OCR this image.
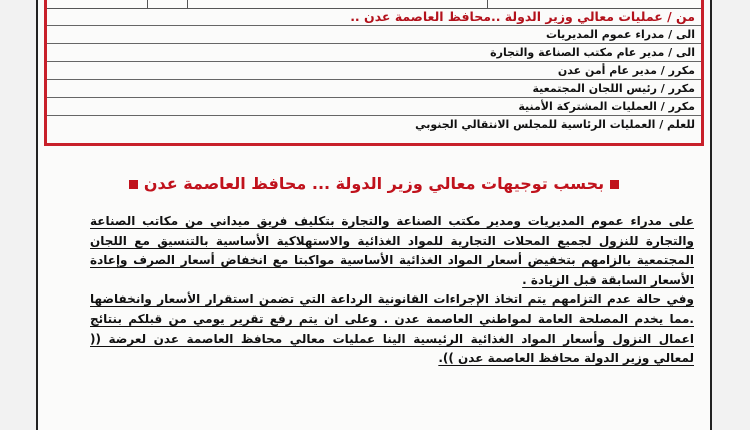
من / عمليات معالي وزير الدولة ..محافظ العاصمة عدن ..
الى / مدراء عموم المديريات
الى / مدير عام مكتب الصناعة والتجارة
مكرر / مدير عام أمن عدن
مكرر / رئيس اللجان المجتمعية
مكرر / العمليات المشتركة الأمنية
للعلم / العمليات الرئاسية للمجلس الانتقالي الجنوبي
بحسب توجيهات معالي وزير الدولة ... محافظ العاصمة عدن

على مدراء عموم المديريات ومدير مكتب الصناعة والتجارة بتكليف فريق ميداني من مكاتب الصناعة والتجارة للنزول لجميع المحلات التجارية للمواد الغذائية والاستهلاكية الأساسية بالتنسيق مع اللجان المجتمعية بالزامهم بتخفيض أسعار المواد الغذائية الأساسية مواكبتا مع انخفاض أسعار الصرف وإعادة الأسعار السابقة قبل الزيادة .

وفي حالة عدم التزامهم يتم اتخاذ الإجراءات القانونية الرداعة التي تضمن استقرار الأسعار وانخفاضها .مما يخدم المصلحة العامة لمواطني العاصمة عدن . وعلى ان يتم رفع تقرير يومي من قبلكم بنتائج اعمال النزول وأسعار المواد الغذائية الرئيسية الينا عمليات معالي محافظ العاصمة عدن لعرضة (( لمعالي وزير الدولة محافظ العاصمة عدن )).
